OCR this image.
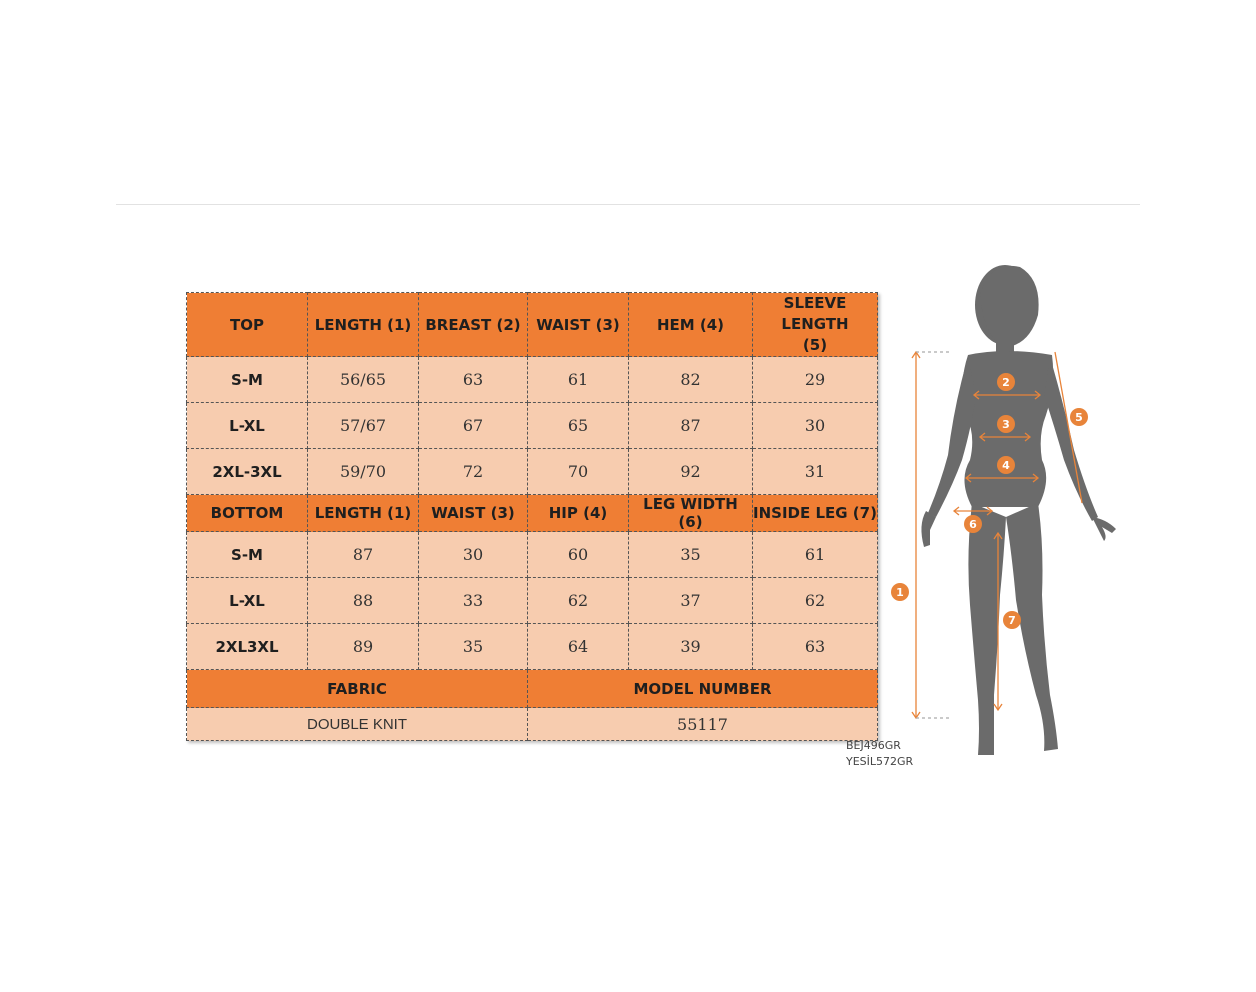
TOP	LENGTH (1)	BREAST (2)	WAIST (3)	HEM (4)	SLEEVE LENGTH (5)
S-M	56/65	63	61	82	29
L-XL	57/67	67	65	87	30
2XL-3XL	59/70	72	70	92	31
BOTTOM	LENGTH (1)	WAIST (3)	HIP (4)	LEG WIDTH (6)	INSIDE LEG (7)
S-M	87	30	60	35	61
L-XL	88	33	62	37	62
2XL3XL	89	35	64	39	63
FABRIC			MODEL NUMBER		
DOUBLE KNIT			55117		
BEJ496GR
YESİL572GR
1
2
3
4
5
6
7
